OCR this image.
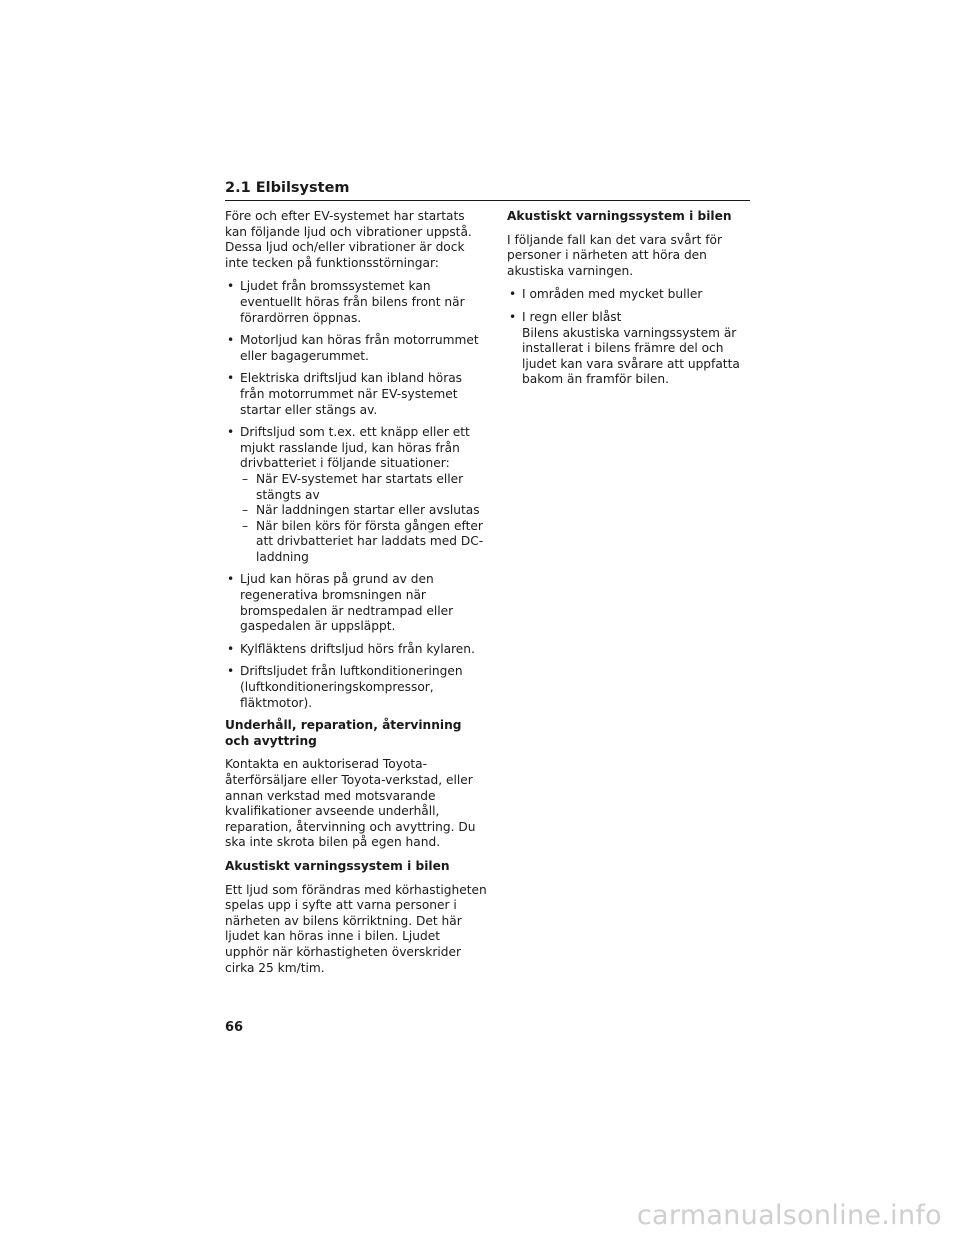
2.1 Elbilsystem

Före och efter EV-systemet har startats kan följande ljud och vibrationer uppstå. Dessa ljud och/eller vibrationer är dock inte tecken på funktionsstörningar:

• Ljudet från bromssystemet kan eventuellt höras från bilens front när förardörren öppnas.
• Motorljud kan höras från motorrummet eller bagagerummet.
• Elektriska driftsljud kan ibland höras från motorrummet när EV-systemet startar eller stängs av.
• Driftsljud som t.ex. ett knäpp eller ett mjukt rasslande ljud, kan höras från drivbatteriet i följande situationer:
– När EV-systemet har startats eller stängts av
– När laddningen startar eller avslutas
– När bilen körs för första gången efter att drivbatteriet har laddats med DC-laddning
• Ljud kan höras på grund av den regenerativa bromsningen när bromspedalen är nedtrampad eller gaspedalen är uppsläppt.
• Kylfläktens driftsljud hörs från kylaren.
• Driftsljudet från luftkonditioneringen (luftkonditioneringskompressor, fläktmotor).
Underhåll, reparation, återvinning och avyttring

Kontakta en auktoriserad Toyota-återförsäljare eller Toyota-verkstad, eller annan verkstad med motsvarande kvalifikationer avseende underhåll, reparation, återvinning och avyttring. Du ska inte skrota bilen på egen hand.

Akustiskt varningssystem i bilen

Ett ljud som förändras med körhastigheten spelas upp i syfte att varna personer i närheten av bilens körriktning. Det här ljudet kan höras inne i bilen. Ljudet upphör när körhastigheten överskrider cirka 25 km/tim.

Akustiskt varningssystem i bilen

I följande fall kan det vara svårt för personer i närheten att höra den akustiska varningen.

• I områden med mycket buller
• I regn eller blåst
Bilens akustiska varningssystem är installerat i bilens främre del och ljudet kan vara svårare att uppfatta bakom än framför bilen.
66
carmanualsonline.info
